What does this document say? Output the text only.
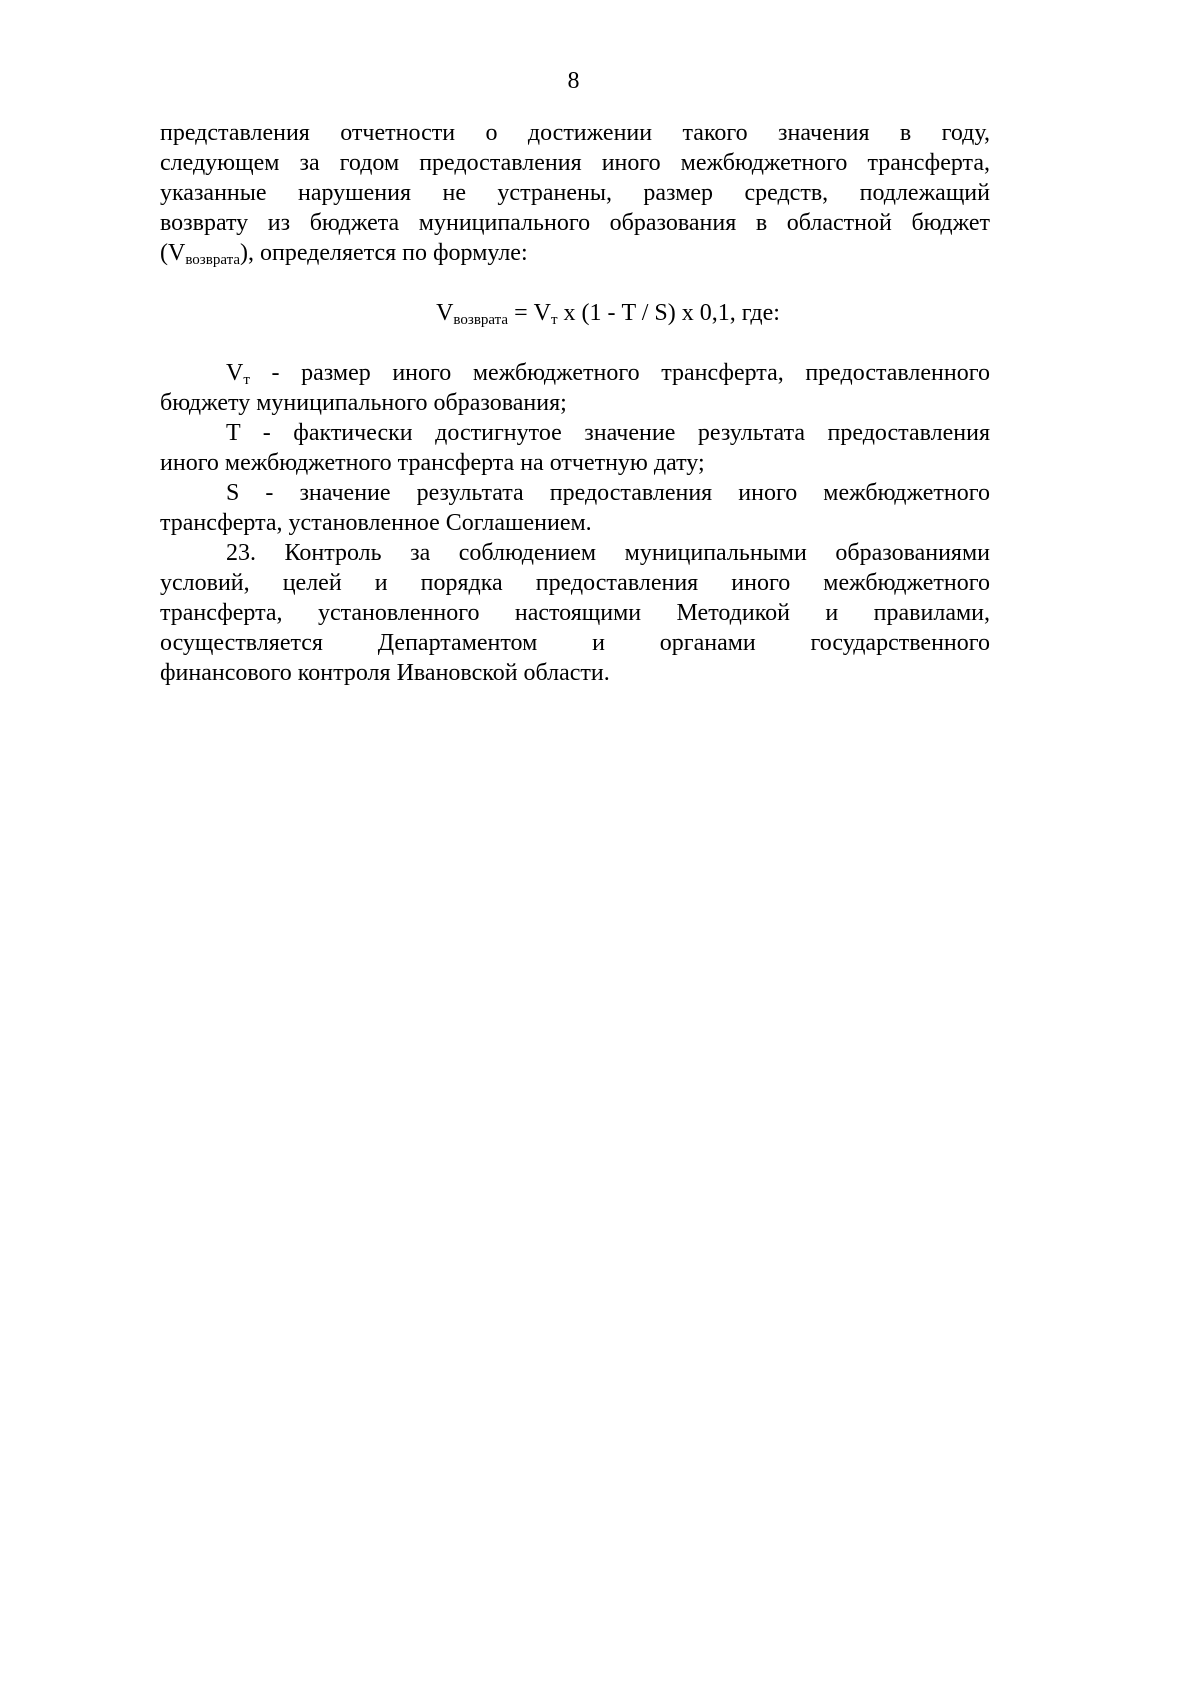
8
представления отчетности о достижении такого значения в году,
следующем за годом предоставления иного межбюджетного трансферта,
указанные нарушения не устранены, размер средств, подлежащий
возврату из бюджета муниципального образования в областной бюджет
$(V_{возврата})$, определяется по формуле:
$V_{возврата} = V_т$ х (1 - T / S) х 0,1, где:
$V_т$ - размер иного межбюджетного трансферта, предоставленного
бюджету муниципального образования;
T - фактически достигнутое значение результата предоставления
иного межбюджетного трансферта на отчетную дату;
S - значение результата предоставления иного межбюджетного
трансферта, установленное Соглашением.
23. Контроль за соблюдением муниципальными образованиями
условий, целей и порядка предоставления иного межбюджетного
трансферта, установленного настоящими Методикой и правилами,
осуществляется Департаментом и органами государственного
финансового контроля Ивановской области.
